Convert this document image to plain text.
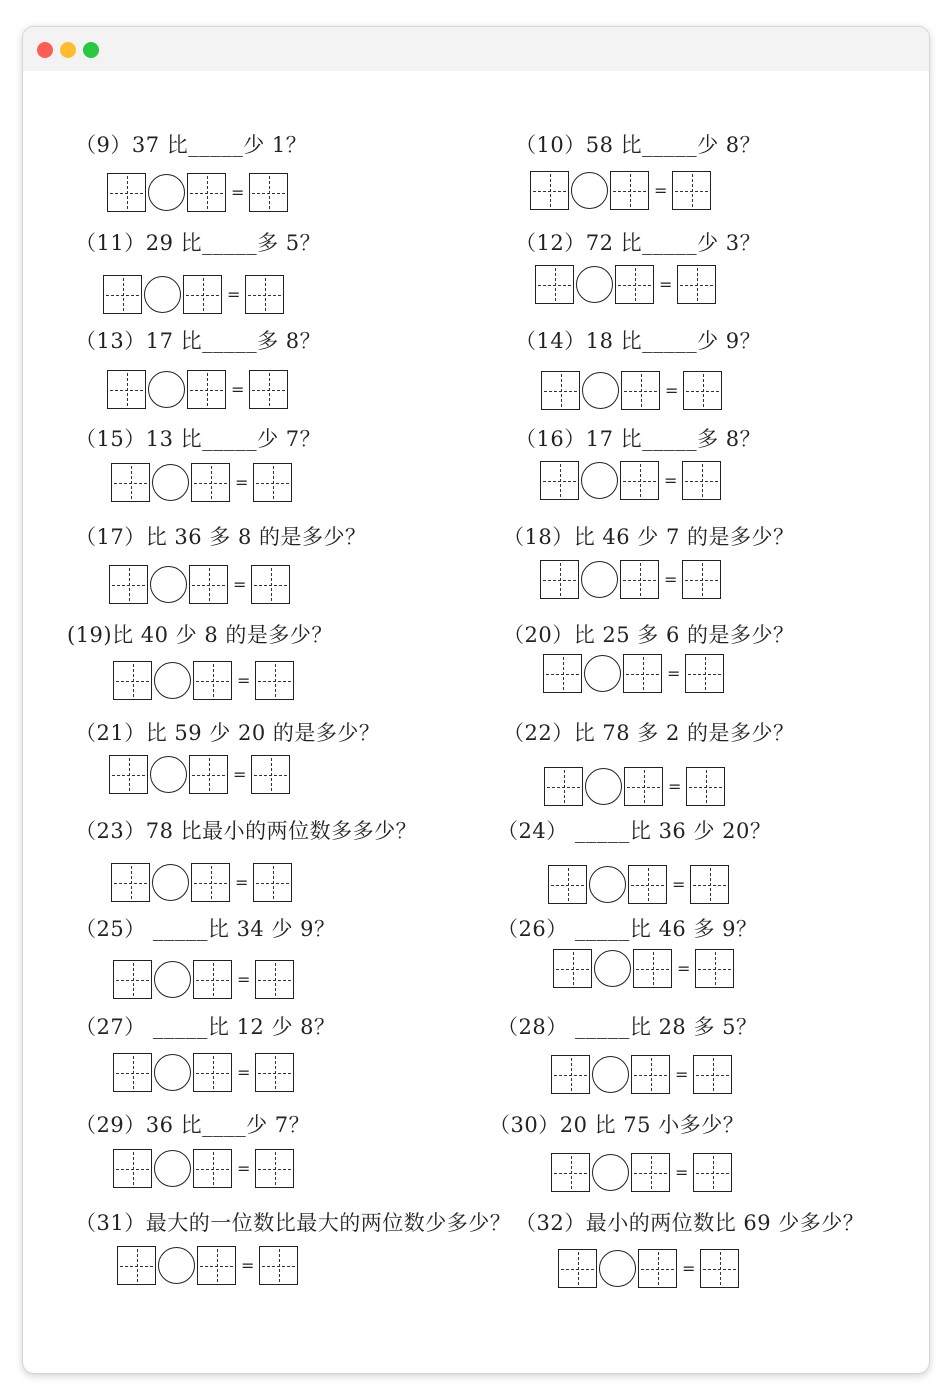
（9）37 比_____少 1？
=
（10）58 比_____少 8？
=
（11）29 比_____多 5？
=
（12）72 比_____少 3？
=
（13）17 比_____多 8？
=
（14）18 比_____少 9？
=
（15）13 比_____少 7？
=
（16）17 比_____多 8？
=
（17）比 36 多 8 的是多少？
=
（18）比 46 少 7 的是多少？
=
(19)比 40 少 8 的是多少？
=
（20）比 25 多 6 的是多少？
=
（21）比 59 少 20 的是多少？
=
（22）比 78 多 2 的是多少？
=
（23）78 比最小的两位数多多少？
=
（24） _____比 36 少 20？
=
（25） _____比 34 少 9？
=
（26） _____比 46 多 9？
=
（27） _____比 12 少 8？
=
（28） _____比 28 多 5？
=
（29）36 比____少 7？
=
（30）20 比 75 小多少？
=
（31）最大的一位数比最大的两位数少多少？
=
（32）最小的两位数比 69 少多少？
=
